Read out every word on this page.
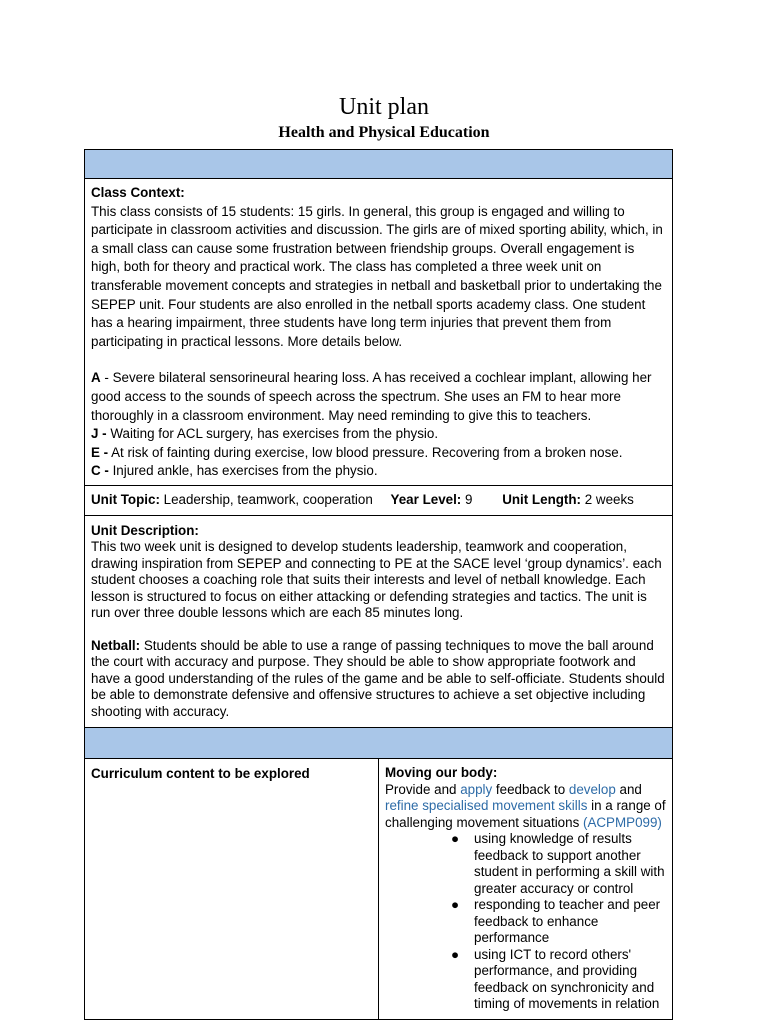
Unit plan
Health and Physical Education

Class Context:
This class consists of 15 students: 15 girls. In general, this group is engaged and willing to participate in classroom activities and discussion. The girls are of mixed sporting ability, which, in a small class can cause some frustration between friendship groups. Overall engagement is high, both for theory and practical work. The class has completed a three week unit on transferable movement concepts and strategies in netball and basketball prior to undertaking the SEPEP unit. Four students are also enrolled in the netball sports academy class. One student has a hearing impairment, three students have long term injuries that prevent them from participating in practical lessons. More details below.
A - Severe bilateral sensorineural hearing loss. A has received a cochlear implant, allowing her good access to the sounds of speech across the spectrum. She uses an FM to hear more thoroughly in a classroom environment. May need reminding to give this to teachers.
J - Waiting for ACL surgery, has exercises from the physio.
E - At risk of fainting during exercise, low blood pressure. Recovering from a broken nose.
C - Injured ankle, has exercises from the physio.

Unit Topic: Leadership, teamwork, cooperation Year Level: 9 Unit Length: 2 weeks

Unit Description:
This two week unit is designed to develop students leadership, teamwork and cooperation, drawing inspiration from SEPEP and connecting to PE at the SACE level ‘group dynamics’. each student chooses a coaching role that suits their interests and level of netball knowledge. Each lesson is structured to focus on either attacking or defending strategies and tactics. The unit is run over three double lessons which are each 85 minutes long.
Netball: Students should be able to use a range of passing techniques to move the ball around the court with accuracy and purpose. They should be able to show appropriate footwork and have a good understanding of the rules of the game and be able to self-officiate. Students should be able to demonstrate defensive and offensive structures to achieve a set objective including shooting with accuracy.

Curriculum content to be explored	Moving our body:
Provide and apply feedback to develop and refine specialised movement skills in a range of challenging movement situations (ACPMP099)
● using knowledge of results feedback to support another student in performing a skill with greater accuracy or control
● responding to teacher and peer feedback to enhance performance
● using ICT to record others' performance, and providing feedback on synchronicity and timing of movements in relation
